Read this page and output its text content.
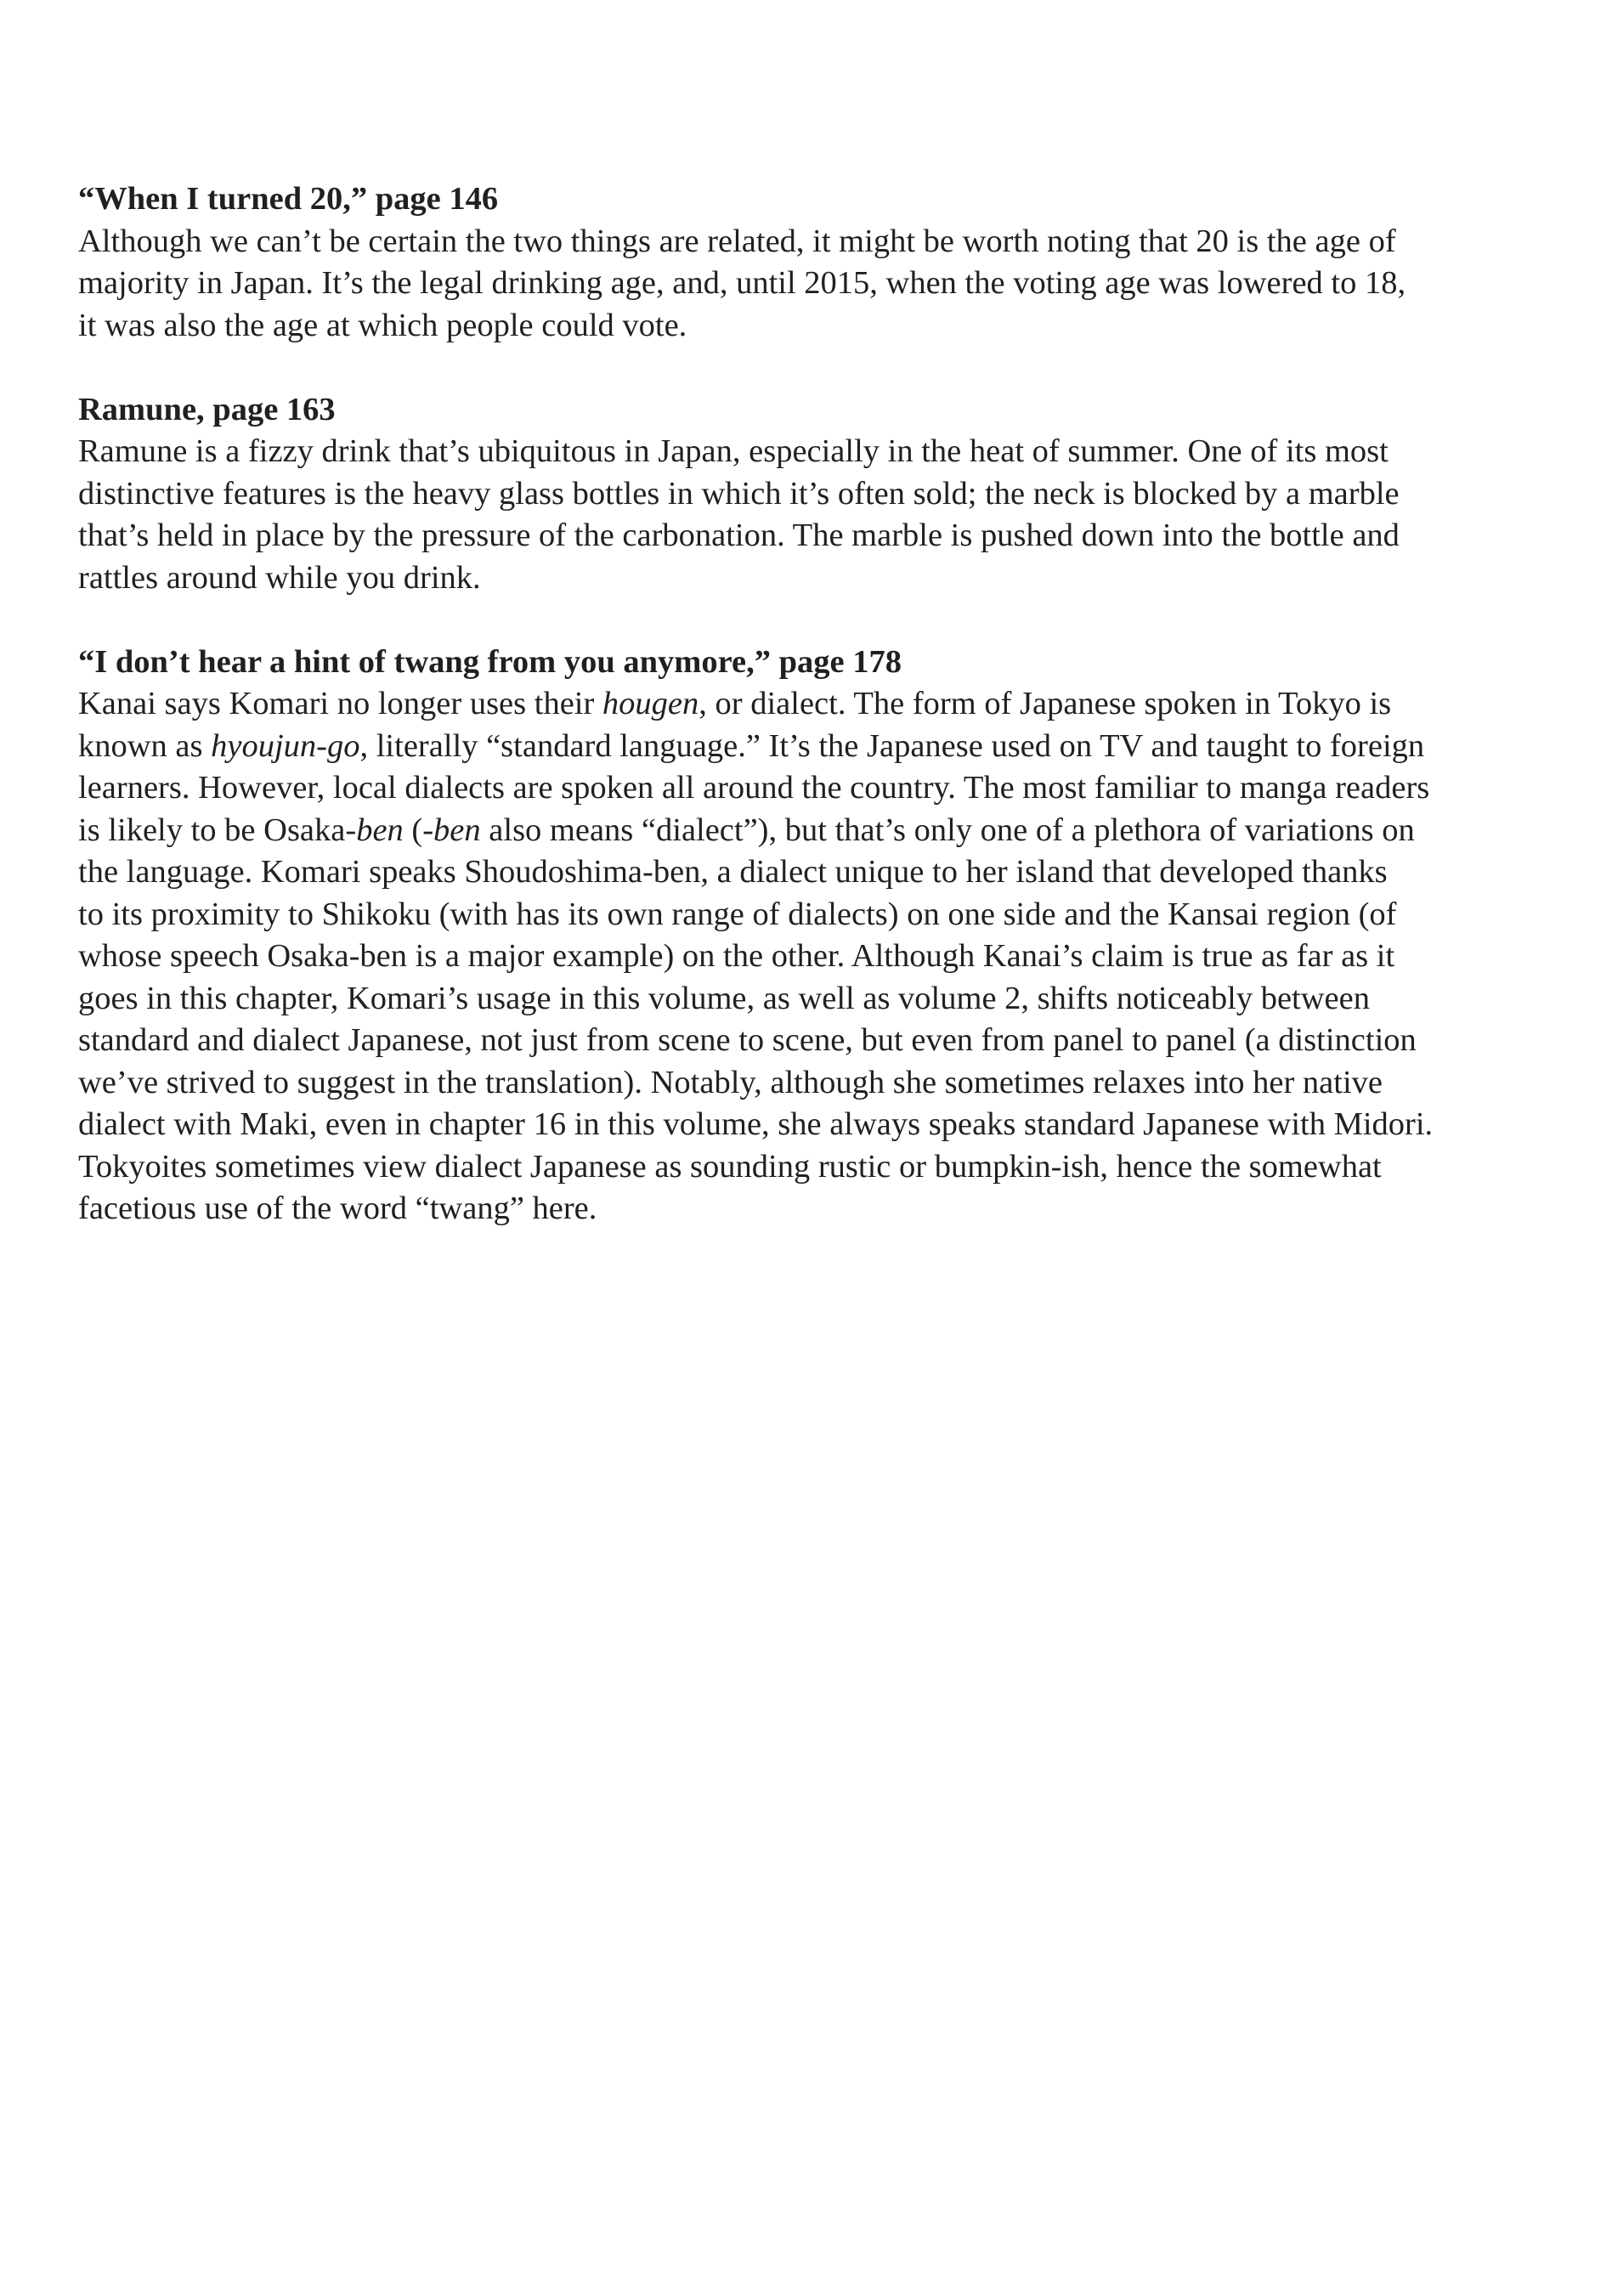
“When I turned 20,” page 146
Although we can’t be certain the two things are related, it might be worth noting that 20 is the age of
majority in Japan. It’s the legal drinking age, and, until 2015, when the voting age was lowered to 18,
it was also the age at which people could vote.
Ramune, page 163
Ramune is a fizzy drink that’s ubiquitous in Japan, especially in the heat of summer. One of its most
distinctive features is the heavy glass bottles in which it’s often sold; the neck is blocked by a marble
that’s held in place by the pressure of the carbonation. The marble is pushed down into the bottle and
rattles around while you drink.
“I don’t hear a hint of twang from you anymore,” page 178
Kanai says Komari no longer uses their hougen, or dialect. The form of Japanese spoken in Tokyo is
known as hyoujun-go, literally “standard language.” It’s the Japanese used on TV and taught to foreign
learners. However, local dialects are spoken all around the country. The most familiar to manga readers
is likely to be Osaka-ben (-ben also means “dialect”), but that’s only one of a plethora of variations on
the language. Komari speaks Shoudoshima-ben, a dialect unique to her island that developed thanks
to its proximity to Shikoku (with has its own range of dialects) on one side and the Kansai region (of
whose speech Osaka-ben is a major example) on the other. Although Kanai’s claim is true as far as it
goes in this chapter, Komari’s usage in this volume, as well as volume 2, shifts noticeably between
standard and dialect Japanese, not just from scene to scene, but even from panel to panel (a distinction
we’ve strived to suggest in the translation). Notably, although she sometimes relaxes into her native
dialect with Maki, even in chapter 16 in this volume, she always speaks standard Japanese with Midori.
Tokyoites sometimes view dialect Japanese as sounding rustic or bumpkin-ish, hence the somewhat
facetious use of the word “twang” here.
